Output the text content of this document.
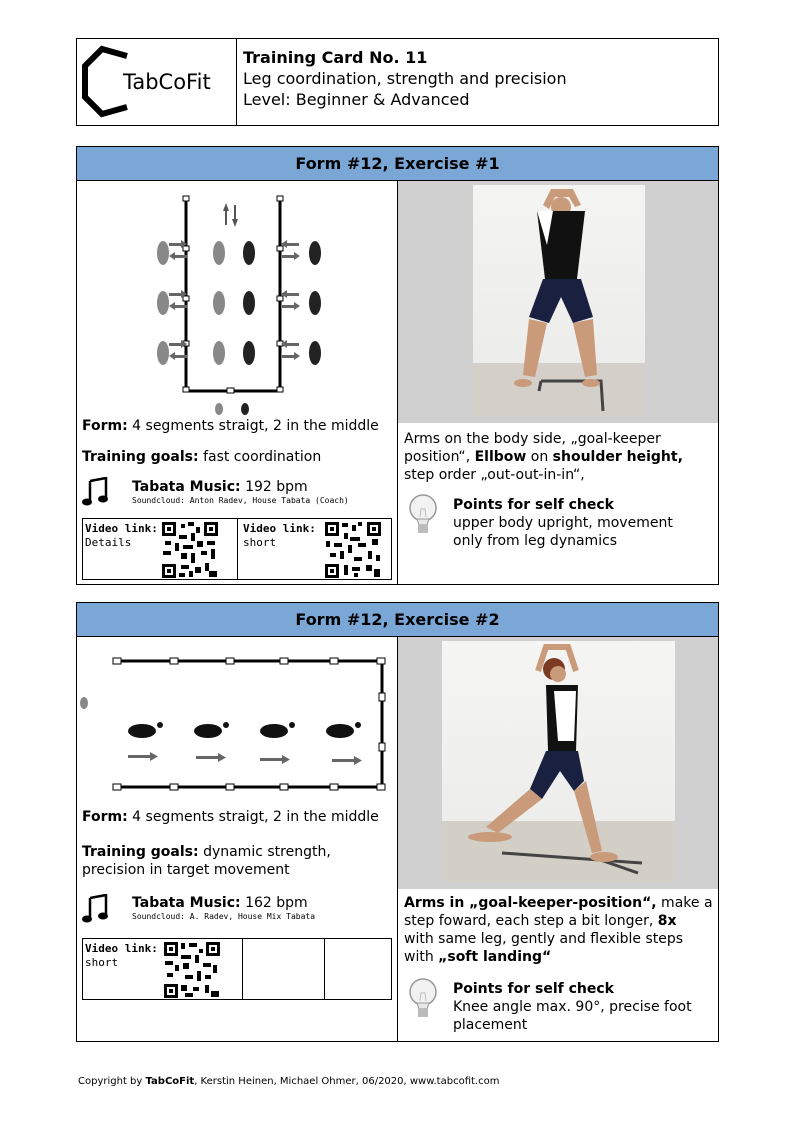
TabCoFit
Training Card No. 11
Leg coordination, strength and precision
Level: Beginner & Advanced
Form #12, Exercise #1
Form: 4 segments straigt, 2 in the middle
Training goals: fast coordination
Tabata Music: 192 bpm
Soundcloud: Anton Radev, House Tabata (Coach)
Video link:
Details
Video link:
short
Arms on the body side, „goal-keeper
position“, Ellbow on shoulder height,
step order „out-out-in-in“,
Points for self check
upper body upright, movement
only from leg dynamics
Form #12, Exercise #2
Form: 4 segments straigt, 2 in the middle
Training goals: dynamic strength,
precision in target movement
Tabata Music: 162 bpm
Soundcloud: A. Radev, House Mix Tabata
Video link:
short
Arms in „goal-keeper-position“, make a
step foward, each step a bit longer, 8x
with same leg, gently and flexible steps
with „soft landing“
Points for self check
Knee angle max. 90°, precise foot
placement
Copyright by TabCoFit, Kerstin Heinen, Michael Ohmer, 06/2020, www.tabcofit.com
